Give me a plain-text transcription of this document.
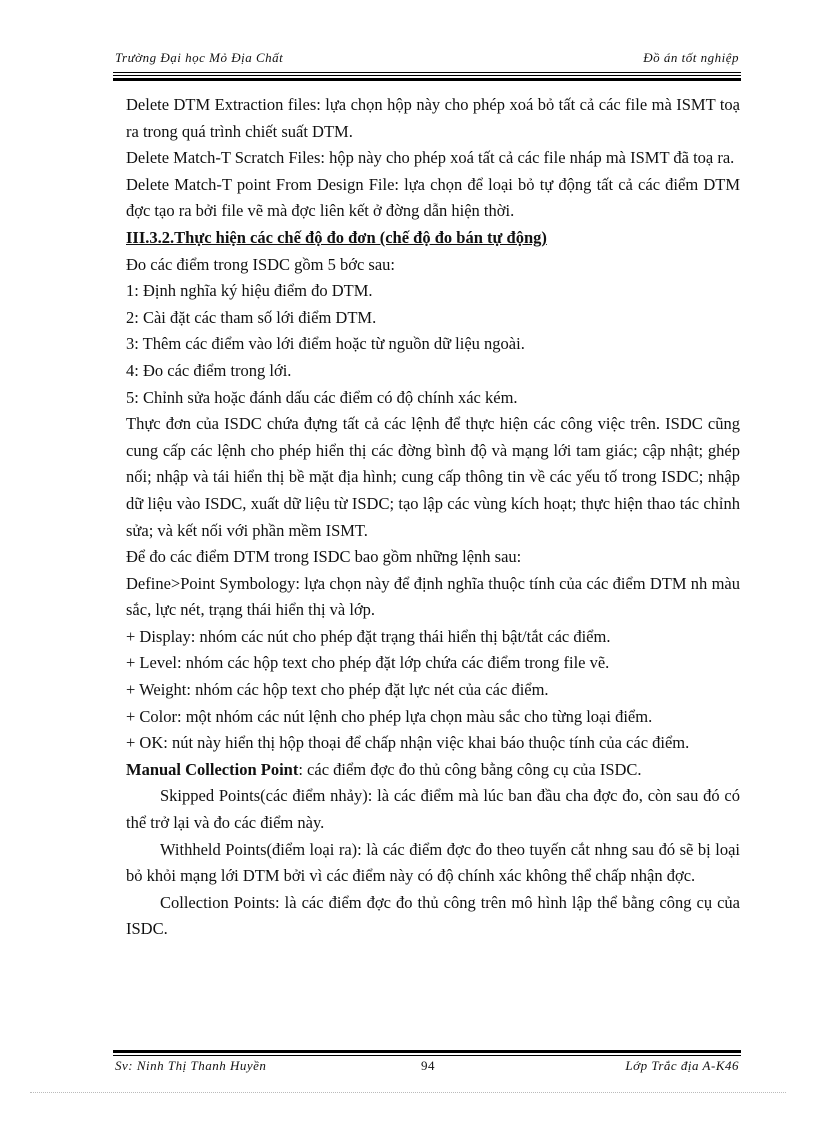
Trường Đại học Mỏ Địa Chất	Đồ án tốt nghiệp

Delete DTM Extraction files: lựa chọn hộp này cho phép xoá bỏ tất cả các file mà ISMT toạ ra trong quá trình chiết suất DTM.

Delete Match-T Scratch Files: hộp này cho phép xoá tất cả các file nháp mà ISMT đã toạ ra.

Delete Match-T point From Design File: lựa chọn để loại bỏ tự động tất cả các điểm DTM đợc tạo ra bởi file vẽ mà đợc liên kết ở đờng dẫn hiện thời.

III.3.2.Thực hiện các chế độ đo đơn (chế độ đo bán tự động)

Đo các điểm trong ISDC gồm 5 bớc sau:

1: Định nghĩa ký hiệu điểm đo DTM.

2: Cài đặt các tham số lới điểm DTM.

3: Thêm các điểm vào lới điểm hoặc từ nguồn dữ liệu ngoài.

4: Đo các điểm trong lới.

5: Chỉnh sửa hoặc đánh dấu các điểm có độ chính xác kém.

Thực đơn của ISDC chứa đựng tất cả các lệnh để thực hiện các công việc trên. ISDC cũng cung cấp các lệnh cho phép hiển thị các đờng bình độ và mạng lới tam giác; cập nhật; ghép nối; nhập và tái hiển thị bề mặt địa hình; cung cấp thông tin về các yếu tố trong ISDC; nhập dữ liệu vào ISDC, xuất dữ liệu từ ISDC; tạo lập các vùng kích hoạt; thực hiện thao tác chỉnh sửa; và kết nối với phần mềm ISMT.

Để đo các điểm DTM trong ISDC bao gồm những lệnh sau:

Define>Point Symbology: lựa chọn này để định nghĩa thuộc tính của các điểm DTM nh màu sắc, lực nét, trạng thái hiển thị và lớp.

+ Display: nhóm các nút cho phép đặt trạng thái hiển thị bật/tắt các điểm.

+ Level: nhóm các hộp text cho phép đặt lớp chứa các điểm trong file vẽ.

+ Weight: nhóm các hộp text cho phép đặt lực nét của các điểm.

+ Color: một nhóm các nút lệnh cho phép lựa chọn màu sắc cho từng loại điểm.

+ OK: nút này hiển thị hộp thoại để chấp nhận việc khai báo thuộc tính của các điểm.

Manual Collection Point: các điểm đợc đo thủ công bằng công cụ của ISDC.

Skipped Points(các điểm nhảy): là các điểm mà lúc ban đầu cha đợc đo, còn sau đó có thể trở lại và đo các điểm này.

Withheld Points(điểm loại ra): là các điểm đợc đo theo tuyến cắt nhng sau đó sẽ bị loại bỏ khỏi mạng lới DTM bởi vì các điểm này có độ chính xác không thể chấp nhận đợc.

Collection Points: là các điểm đợc đo thủ công trên mô hình lập thể bằng công cụ của ISDC.

Sv: Ninh Thị Thanh Huyền	94	Lớp Trắc địa A-K46
